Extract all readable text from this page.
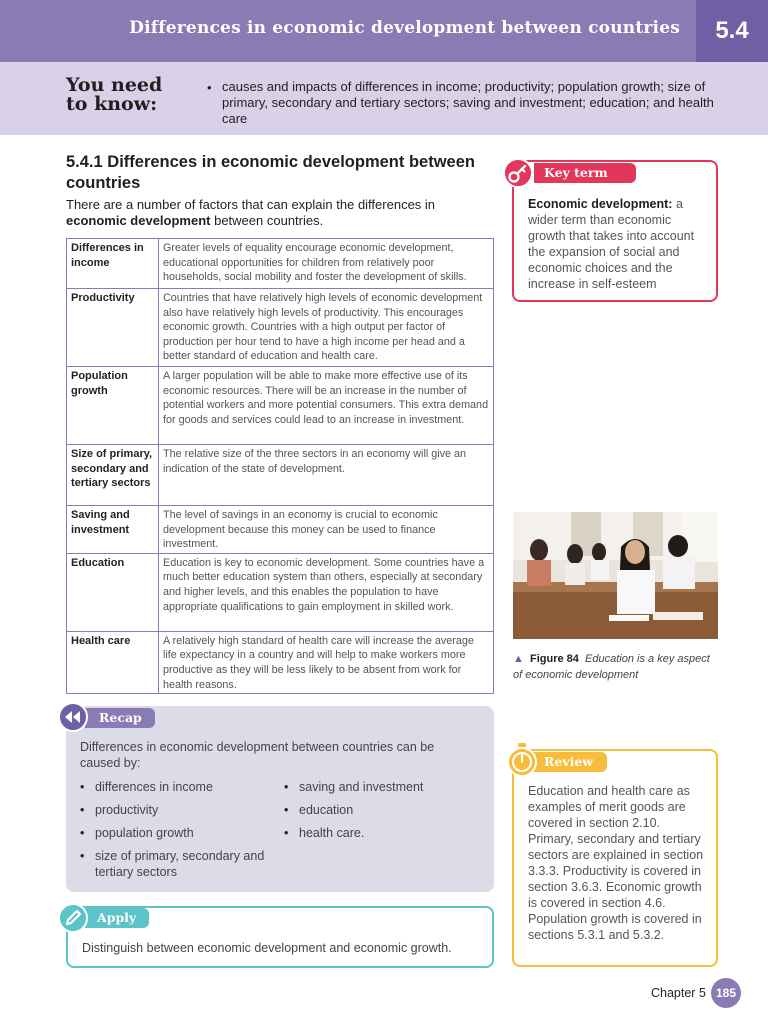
Differences in economic development between countries	5.4
You need
to know:
• causes and impacts of differences in income; productivity; population growth; size of primary, secondary and tertiary sectors; saving and investment; education; and health care
5.4.1 Differences in economic development between countries

There are a number of factors that can explain the differences in economic development between countries.

Differences in income	Greater levels of equality encourage economic development, educational opportunities for children from relatively poor households, social mobility and foster the development of skills.
Productivity	Countries that have relatively high levels of economic development also have relatively high levels of productivity. This encourages economic growth. Countries with a high output per factor of production per hour tend to have a high income per head and a better standard of education and health care.
Population growth	A larger population will be able to make more effective use of its economic resources. There will be an increase in the number of potential workers and more potential consumers. This extra demand for goods and services could lead to an increase in investment.
Size of primary, secondary and tertiary sectors	The relative size of the three sectors in an economy will give an indication of the state of development.
Saving and investment	The level of savings in an economy is crucial to economic development because this money can be used to finance investment.
Education	Education is key to economic development. Some countries have a much better education system than others, especially at secondary and higher levels, and this enables the population to have appropriate qualifications to gain employment in skilled work.
Health care	A relatively high standard of health care will increase the average life expectancy in a country and will help to make workers more productive as they will be less likely to be absent from work for health reasons.
Key term
Economic development: a wider term than economic growth that takes into account the expansion of social and economic choices and the increase in self-esteem
▲ Figure 84 Education is a key aspect of economic development
Recap
Differences in economic development between countries can be caused by:
• differences in income
• productivity
• population growth
• size of primary, secondary and tertiary sectors
• saving and investment
• education
• health care.
Apply
Distinguish between economic development and economic growth.
Review
Education and health care as examples of merit goods are covered in section 2.10. Primary, secondary and tertiary sectors are explained in section 3.3.3. Productivity is covered in section 3.6.3. Economic growth is covered in section 4.6. Population growth is covered in sections 5.3.1 and 5.3.2.
Chapter 5 185
